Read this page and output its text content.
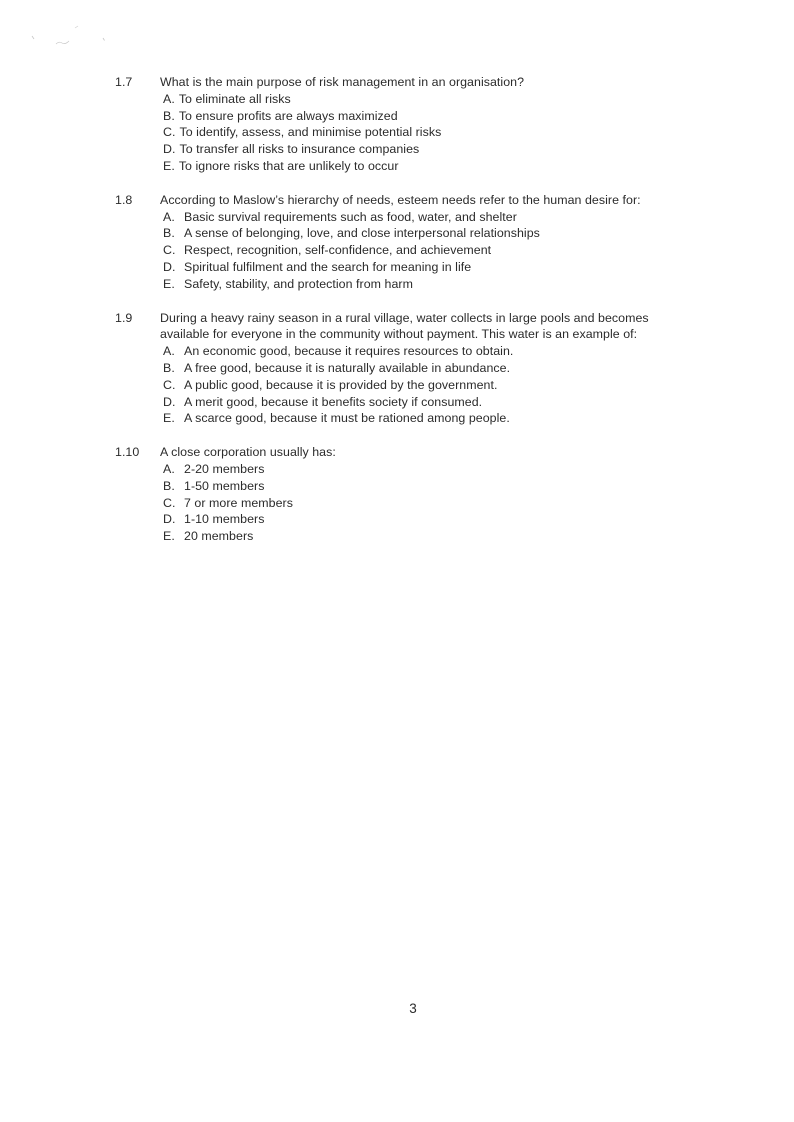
1.7 What is the main purpose of risk management in an organisation?
A. To eliminate all risks
B. To ensure profits are always maximized
C. To identify, assess, and minimise potential risks
D. To transfer all risks to insurance companies
E. To ignore risks that are unlikely to occur
1.8 According to Maslow’s hierarchy of needs, esteem needs refer to the human desire for:
A. Basic survival requirements such as food, water, and shelter
B. A sense of belonging, love, and close interpersonal relationships
C. Respect, recognition, self-confidence, and achievement
D. Spiritual fulfilment and the search for meaning in life
E. Safety, stability, and protection from harm
1.9 During a heavy rainy season in a rural village, water collects in large pools and becomes
available for everyone in the community without payment. This water is an example of:
A. An economic good, because it requires resources to obtain.
B. A free good, because it is naturally available in abundance.
C. A public good, because it is provided by the government.
D. A merit good, because it benefits society if consumed.
E. A scarce good, because it must be rationed among people.
1.10 A close corporation usually has:
A. 2-20 members
B. 1-50 members
C. 7 or more members
D. 1-10 members
E. 20 members
3
